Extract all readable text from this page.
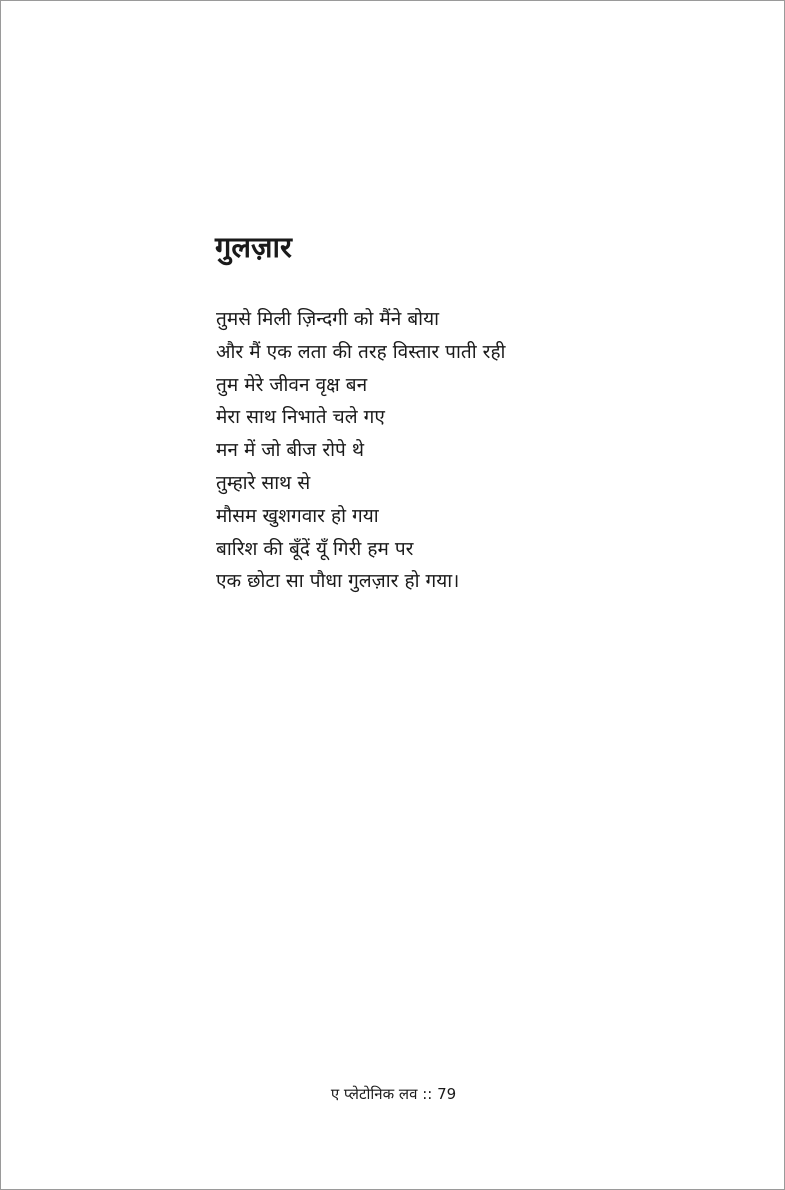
गुलज़ार
तुमसे मिली ज़िन्दगी को मैंने बोया
और मैं एक लता की तरह विस्तार पाती रही
तुम मेरे जीवन वृक्ष बन
मेरा साथ निभाते चले गए
मन में जो बीज रोपे थे
तुम्हारे साथ से
मौसम खुशगवार हो गया
बारिश की बूँदें यूँ गिरी हम पर
एक छोटा सा पौधा गुलज़ार हो गया।
ए प्लेटोनिक लव :: 79
